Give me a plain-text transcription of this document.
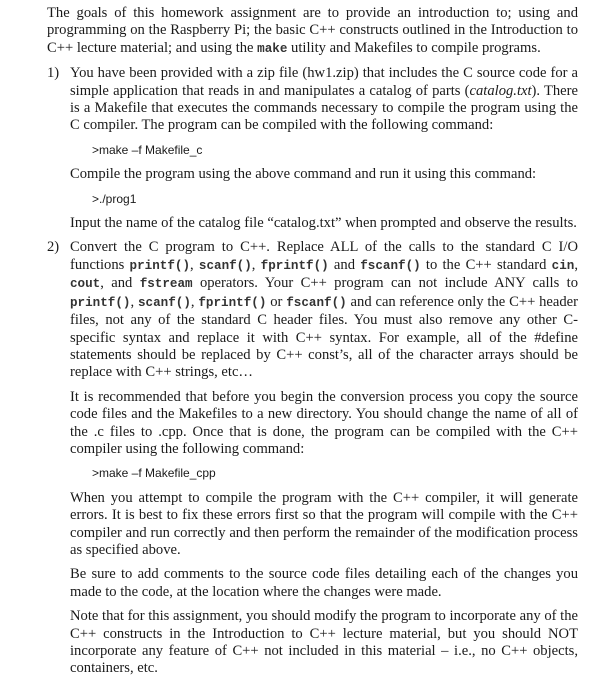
The goals of this homework assignment are to provide an introduction to; using and programming on the Raspberry Pi; the basic C++ constructs outlined in the Introduction to C++ lecture material; and using the make utility and Makefiles to compile programs.

1) You have been provided with a zip file (hw1.zip) that includes the C source code for a simple application that reads in and manipulates a catalog of parts (catalog.txt). There is a Makefile that executes the commands necessary to compile the program using the C compiler. The program can be compiled with the following command:

>make –f Makefile_c

Compile the program using the above command and run it using this command:

>./prog1

Input the name of the catalog file “catalog.txt” when prompted and observe the results.

2) Convert the C program to C++. Replace ALL of the calls to the standard C I/O functions printf(), scanf(), fprintf() and fscanf() to the C++ standard cin, cout, and fstream operators. Your C++ program can not include ANY calls to printf(), scanf(), fprintf() or fscanf() and can reference only the C++ header files, not any of the standard C header files. You must also remove any other C-specific syntax and replace it with C++ syntax. For example, all of the #define statements should be replaced by C++ const’s, all of the character arrays should be replace with C++ strings, etc…

It is recommended that before you begin the conversion process you copy the source code files and the Makefiles to a new directory. You should change the name of all of the .c files to .cpp. Once that is done, the program can be compiled with the C++ compiler using the following command:

>make –f Makefile_cpp

When you attempt to compile the program with the C++ compiler, it will generate errors. It is best to fix these errors first so that the program will compile with the C++ compiler and run correctly and then perform the remainder of the modification process as specified above.

Be sure to add comments to the source code files detailing each of the changes you made to the code, at the location where the changes were made.

Note that for this assignment, you should modify the program to incorporate any of the C++ constructs in the Introduction to C++ lecture material, but you should NOT incorporate any feature of C++ not included in this material – i.e., no C++ objects, containers, etc.
